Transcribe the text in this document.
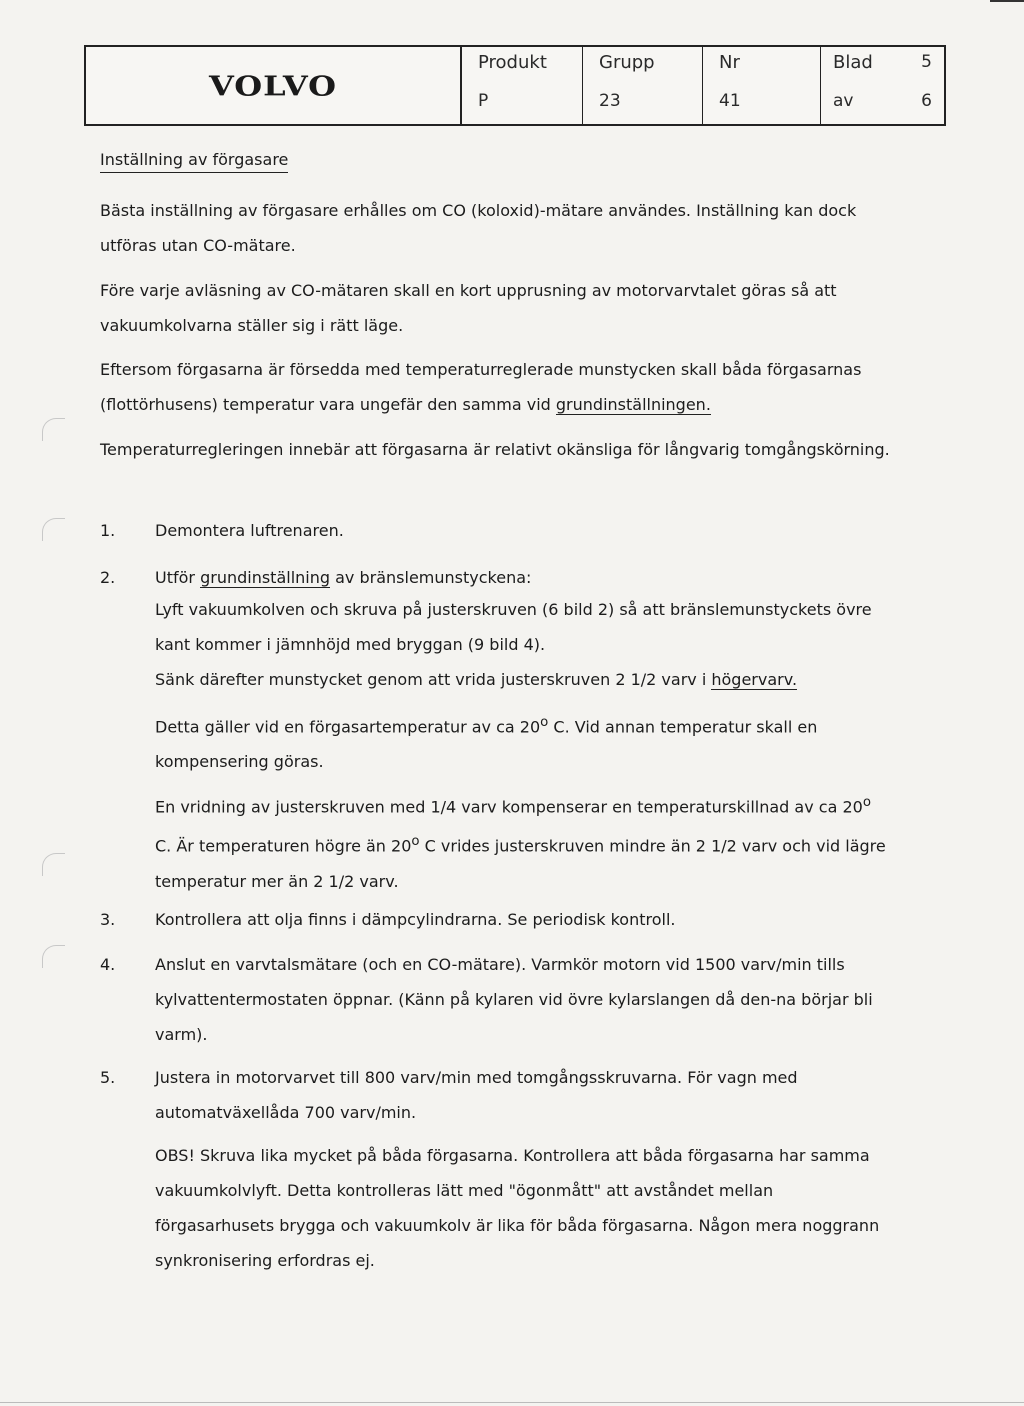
VOLVO
Produkt
P
Grupp
23
Nr
41
Blad	5
av	6
Inställning av förgasare
Bästa inställning av förgasare erhålles om CO (koloxid)-mätare användes. Inställning kan dock utföras utan CO-mätare.
Före varje avläsning av CO-mätaren skall en kort upprusning av motorvarvtalet göras så att vakuumkolvarna ställer sig i rätt läge.
Eftersom förgasarna är försedda med temperaturreglerade munstycken skall båda förgasarnas (flottörhusens) temperatur vara ungefär den samma vid grundinställningen.
Temperaturregleringen innebär att förgasarna är relativt okänsliga för långvarig tomgångskörning.
1. Demontera luftrenaren.
2. Utför grundinställning av bränslemunstyckena:
Lyft vakuumkolven och skruva på justerskruven (6 bild 2) så att bränslemunstyckets övre kant kommer i jämnhöjd med bryggan (9 bild 4).
Sänk därefter munstycket genom att vrida justerskruven 2 1/2 varv i högervarv.
Detta gäller vid en förgasartemperatur av ca 20$^o$ C. Vid annan temperatur skall en kompensering göras.
En vridning av justerskruven med 1/4 varv kompenserar en temperaturskillnad av ca 20$^o$ C. Är temperaturen högre än 20$^o$ C vrides justerskruven mindre än 2 1/2 varv och vid lägre temperatur mer än 2 1/2 varv.
3. Kontrollera att olja finns i dämpcylindrarna. Se periodisk kontroll.
4. Anslut en varvtalsmätare (och en CO-mätare). Varmkör motorn vid 1500 varv/min tills kylvattentermostaten öppnar. (Känn på kylaren vid övre kylarslangen då den-na börjar bli varm).
5. Justera in motorvarvet till 800 varv/min med tomgångsskruvarna. För vagn med automatväxellåda 700 varv/min.
OBS! Skruva lika mycket på båda förgasarna. Kontrollera att båda förgasarna har samma vakuumkolvlyft. Detta kontrolleras lätt med "ögonmått" att avståndet mellan förgasarhusets brygga och vakuumkolv är lika för båda förgasarna. Någon mera noggrann synkronisering erfordras ej.
